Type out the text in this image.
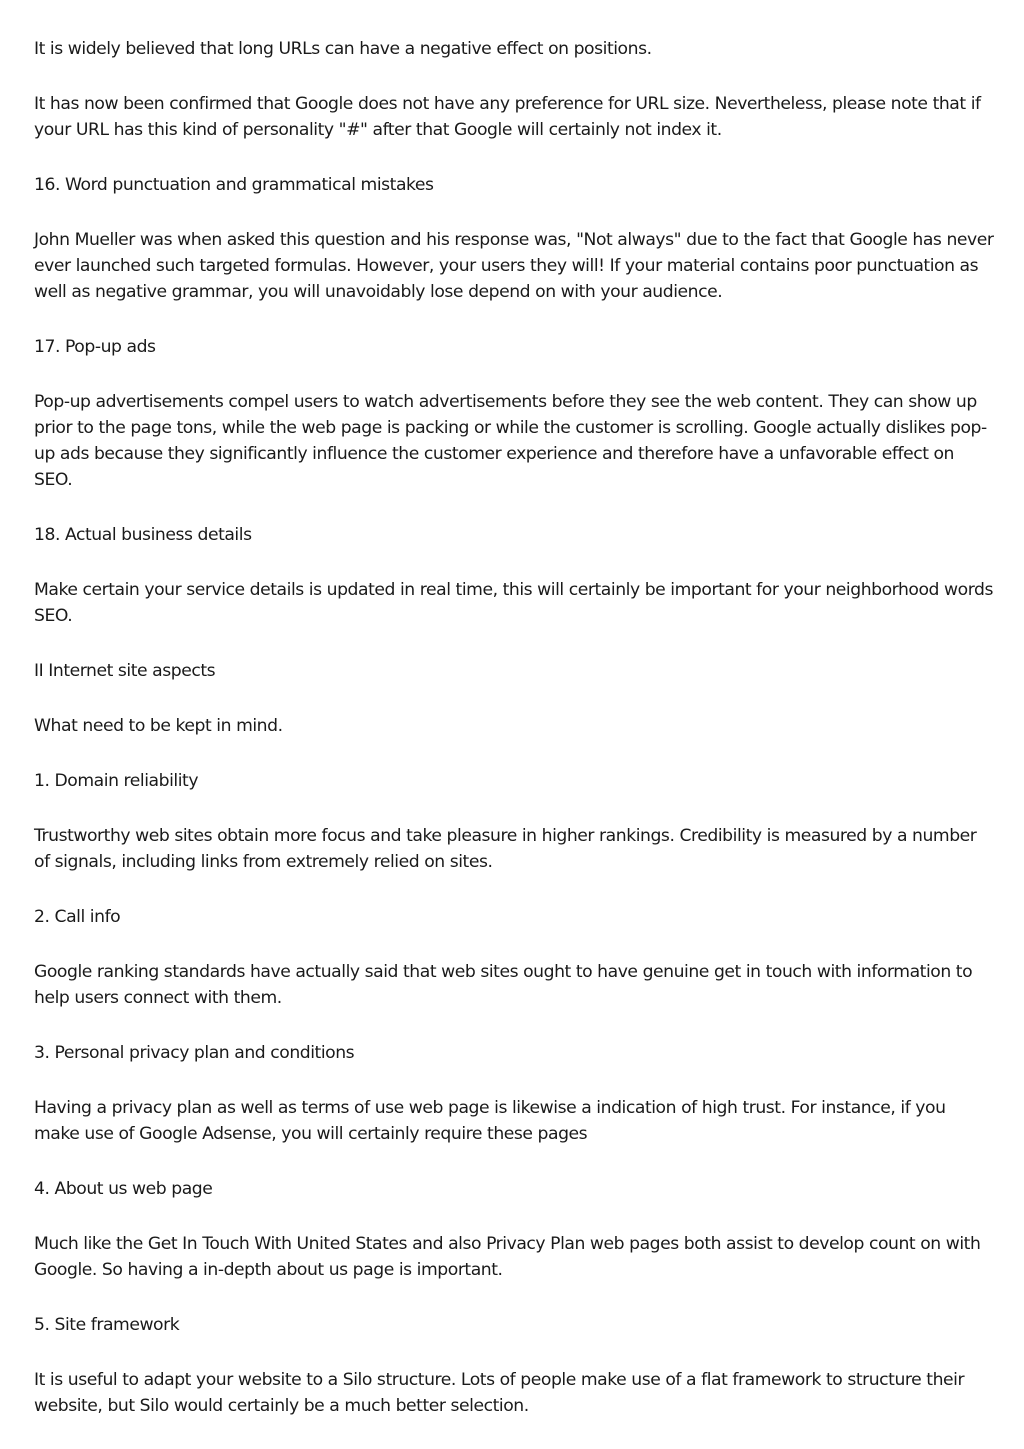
It is widely believed that long URLs can have a negative effect on positions.

It has now been confirmed that Google does not have any preference for URL size. Nevertheless, please note that if your URL has this kind of personality "#" after that Google will certainly not index it.

16. Word punctuation and grammatical mistakes

John Mueller was when asked this question and his response was, "Not always" due to the fact that Google has never ever launched such targeted formulas. However, your users they will! If your material contains poor punctuation as well as negative grammar, you will unavoidably lose depend on with your audience.

17. Pop-up ads

Pop-up advertisements compel users to watch advertisements before they see the web content. They can show up prior to the page tons, while the web page is packing or while the customer is scrolling. Google actually dislikes pop-up ads because they significantly influence the customer experience and therefore have a unfavorable effect on SEO.

18. Actual business details

Make certain your service details is updated in real time, this will certainly be important for your neighborhood words SEO.

II Internet site aspects

What need to be kept in mind.

1. Domain reliability

Trustworthy web sites obtain more focus and take pleasure in higher rankings. Credibility is measured by a number of signals, including links from extremely relied on sites.

2. Call info

Google ranking standards have actually said that web sites ought to have genuine get in touch with information to help users connect with them.

3. Personal privacy plan and conditions

Having a privacy plan as well as terms of use web page is likewise a indication of high trust. For instance, if you make use of Google Adsense, you will certainly require these pages

4. About us web page

Much like the Get In Touch With United States and also Privacy Plan web pages both assist to develop count on with Google. So having a in-depth about us page is important.

5. Site framework

It is useful to adapt your website to a Silo structure. Lots of people make use of a flat framework to structure their website, but Silo would certainly be a much better selection.
